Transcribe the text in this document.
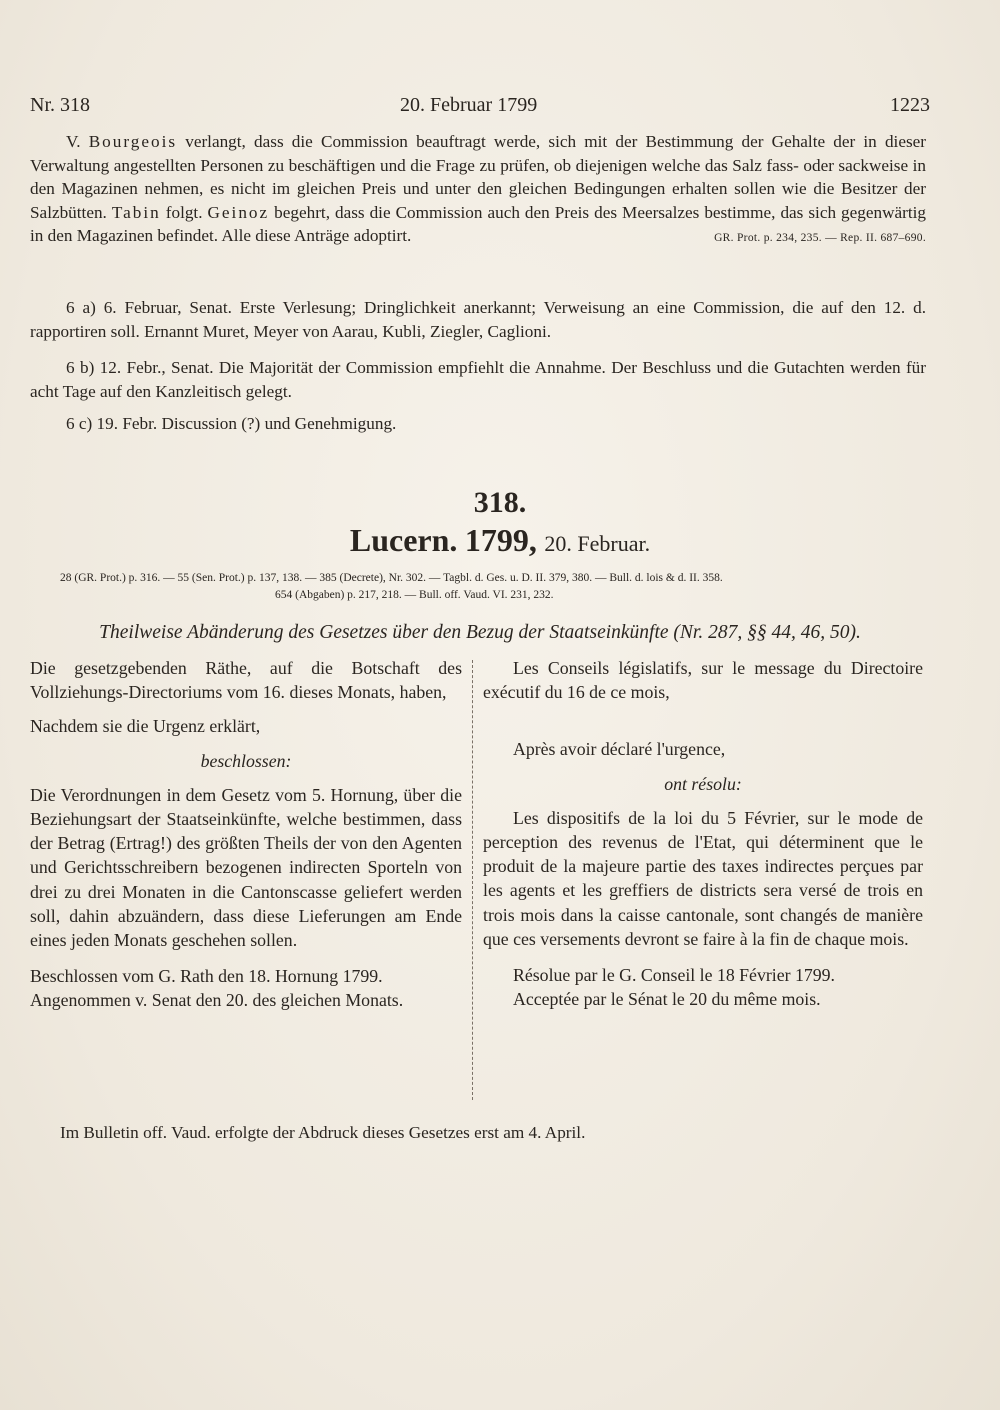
Nr. 318	20. Februar 1799	1223

V. Bourgeois verlangt, dass die Commission beauftragt werde, sich mit der Bestimmung der Gehalte der in dieser Verwaltung angestellten Personen zu beschäftigen und die Frage zu prüfen, ob diejenigen welche das Salz fass- oder sackweise in den Magazinen nehmen, es nicht im gleichen Preis und unter den gleichen Bedingungen erhalten sollen wie die Besitzer der Salzbütten. Tabin folgt. Geinoz begehrt, dass die Commission auch den Preis des Meersalzes bestimme, das sich gegenwärtig in den Magazinen befindet. Alle diese Anträge adoptirt.	GR. Prot. p. 234, 235. — Rep. II. 687–690.

6 a) 6. Februar, Senat. Erste Verlesung; Dringlichkeit anerkannt; Verweisung an eine Commission, die auf den 12. d. rapportiren soll. Ernannt Muret, Meyer von Aarau, Kubli, Ziegler, Caglioni.

6 b) 12. Febr., Senat. Die Majorität der Commission empfiehlt die Annahme. Der Beschluss und die Gutachten werden für acht Tage auf den Kanzleitisch gelegt.

6 c) 19. Febr. Discussion (?) und Genehmigung.

318.
Lucern. 1799, 20. Februar.
28 (GR. Prot.) p. 316. — 55 (Sen. Prot.) p. 137, 138. — 385 (Decrete), Nr. 302. — Tagbl. d. Ges. u. D. II. 379, 380. — Bull. d. lois & d. II. 358.
654 (Abgaben) p. 217, 218. — Bull. off. Vaud. VI. 231, 232.
Theilweise Abänderung des Gesetzes über den Bezug der Staatseinkünfte (Nr. 287, §§ 44, 46, 50).

Die gesetzgebenden Räthe, auf die Botschaft des Vollziehungs-Directoriums vom 16. dieses Monats, haben,

Nachdem sie die Urgenz erklärt,

beschlossen:

Die Verordnungen in dem Gesetz vom 5. Hornung, über die Beziehungsart der Staatseinkünfte, welche bestimmen, dass der Betrag (Ertrag!) des größten Theils der von den Agenten und Gerichtsschreibern bezogenen indirecten Sporteln von drei zu drei Monaten in die Cantonscasse geliefert werden soll, dahin abzuändern, dass diese Lieferungen am Ende eines jeden Monats geschehen sollen.

Beschlossen vom G. Rath den 18. Hornung 1799.

Angenommen v. Senat den 20. des gleichen Monats.

Les Conseils législatifs, sur le message du Directoire exécutif du 16 de ce mois,

Après avoir déclaré l'urgence,

ont résolu:

Les dispositifs de la loi du 5 Février, sur le mode de perception des revenus de l'Etat, qui déterminent que le produit de la majeure partie des taxes indirectes perçues par les agents et les greffiers de districts sera versé de trois en trois mois dans la caisse cantonale, sont changés de manière que ces versements devront se faire à la fin de chaque mois.

Résolue par le G. Conseil le 18 Février 1799.

Acceptée par le Sénat le 20 du même mois.

Im Bulletin off. Vaud. erfolgte der Abdruck dieses Gesetzes erst am 4. April.
